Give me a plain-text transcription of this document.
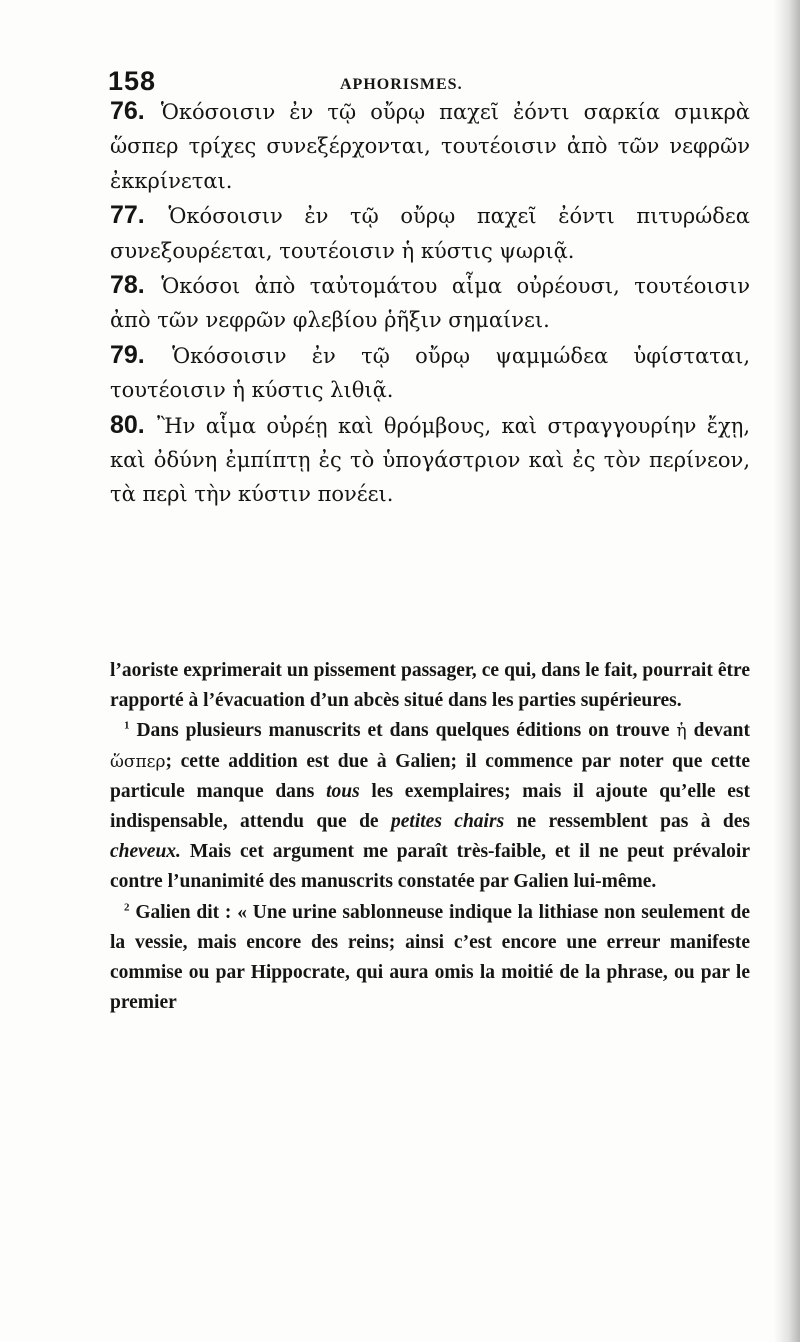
158	APHORISMES.

76. Ὁκόσοισιν ἐν τῷ οὔρῳ παχεῖ ἐόντι σαρκία σμικρὰ ὥσπερ τρίχες συνεξέρχονται, τουτέοισιν ἀπὸ τῶν νεφρῶν ἐκκρίνεται.

77. Ὁκόσοισιν ἐν τῷ οὔρῳ παχεῖ ἐόντι πιτυρώδεα συνεξουρέεται, τουτέοισιν ἡ κύστις ψωριᾷ.

78. Ὁκόσοι ἀπὸ ταὐτομάτου αἷμα οὐρέουσι, τουτέοισιν ἀπὸ τῶν νεφρῶν φλεβίου ῥῆξιν σημαίνει.

79. Ὁκόσοισιν ἐν τῷ οὔρῳ ψαμμώδεα ὑφίσταται, τουτέοισιν ἡ κύστις λιθιᾷ.

80. Ἢν αἷμα οὐρέῃ καὶ θρόμβους, καὶ στραγγουρίην ἔχῃ, καὶ ὀδύνη ἐμπίπτῃ ἐς τὸ ὑπογάστριον καὶ ἐς τὸν περίνεον, τὰ περὶ τὴν κύστιν πονέει.

l’aoriste exprimerait un pissement passager, ce qui, dans le fait, pourrait être rapporté à l’évacuation d’un abcès situé dans les parties supérieures.

$^1$ Dans plusieurs manuscrits et dans quelques éditions on trouve ἡ devant ὥσπερ; cette addition est due à Galien; il commence par noter que cette particule manque dans tous les exemplaires; mais il ajoute qu’elle est indispensable, attendu que de petites chairs ne ressemblent pas à des cheveux. Mais cet argument me paraît très-faible, et il ne peut prévaloir contre l’unanimité des manuscrits constatée par Galien lui-même.

$^2$ Galien dit : « Une urine sablonneuse indique la lithiase non seulement de la vessie, mais encore des reins; ainsi c’est encore une erreur manifeste commise ou par Hippocrate, qui aura omis la moitié de la phrase, ou par le premier
